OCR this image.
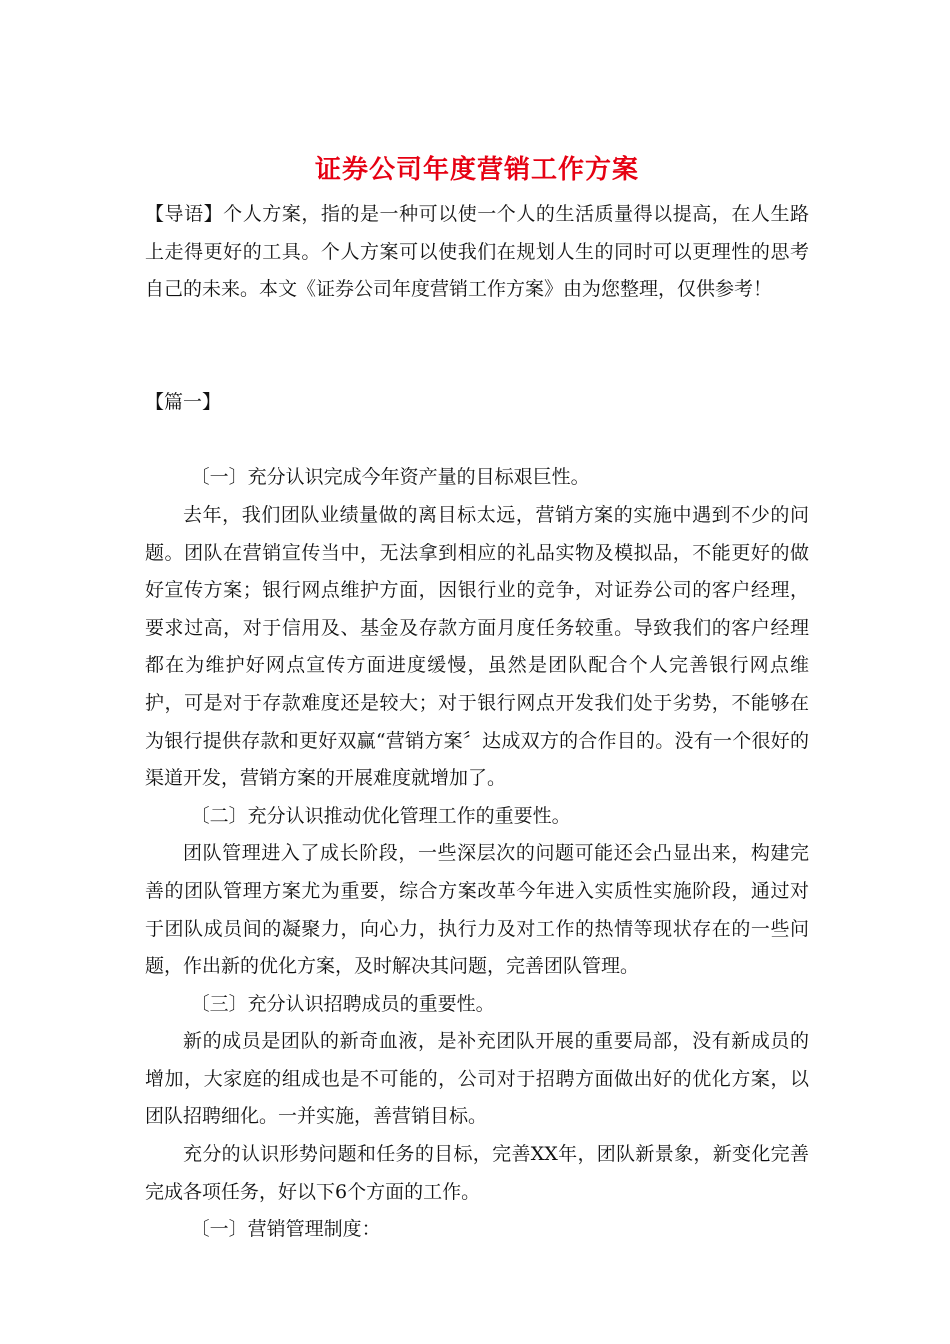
证券公司年度营销工作方案

【导语】个人方案，指的是一种可以使一个人的生活质量得以提高，在人生路上走得更好的工具。个人方案可以使我们在规划人生的同时可以更理性的思考自己的未来。本文《证券公司年度营销工作方案》由为您整理，仅供参考！

【篇一】

〔一〕充分认识完成今年资产量的目标艰巨性。

去年，我们团队业绩量做的离目标太远，营销方案的实施中遇到不少的问题。团队在营销宣传当中，无法拿到相应的礼品实物及模拟品，不能更好的做好宣传方案；银行网点维护方面，因银行业的竞争，对证券公司的客户经理，要求过高，对于信用及、基金及存款方面月度任务较重。导致我们的客户经理都在为维护好网点宣传方面进度缓慢，虽然是团队配合个人完善银行网点维护，可是对于存款难度还是较大；对于银行网点开发我们处于劣势，不能够在为银行提供存款和更好双赢“营销方案〞达成双方的合作目的。没有一个很好的渠道开发，营销方案的开展难度就增加了。

〔二〕充分认识推动优化管理工作的重要性。

团队管理进入了成长阶段，一些深层次的问题可能还会凸显出来，构建完善的团队管理方案尤为重要，综合方案改革今年进入实质性实施阶段，通过对于团队成员间的凝聚力，向心力，执行力及对工作的热情等现状存在的一些问题，作出新的优化方案，及时解决其问题，完善团队管理。

〔三〕充分认识招聘成员的重要性。

新的成员是团队的新奇血液，是补充团队开展的重要局部，没有新成员的增加，大家庭的组成也是不可能的，公司对于招聘方面做出好的优化方案，以团队招聘细化。一并实施，善营销目标。

充分的认识形势问题和任务的目标，完善XX年，团队新景象，新变化完善完成各项任务，好以下6个方面的工作。

〔一〕营销管理制度：
